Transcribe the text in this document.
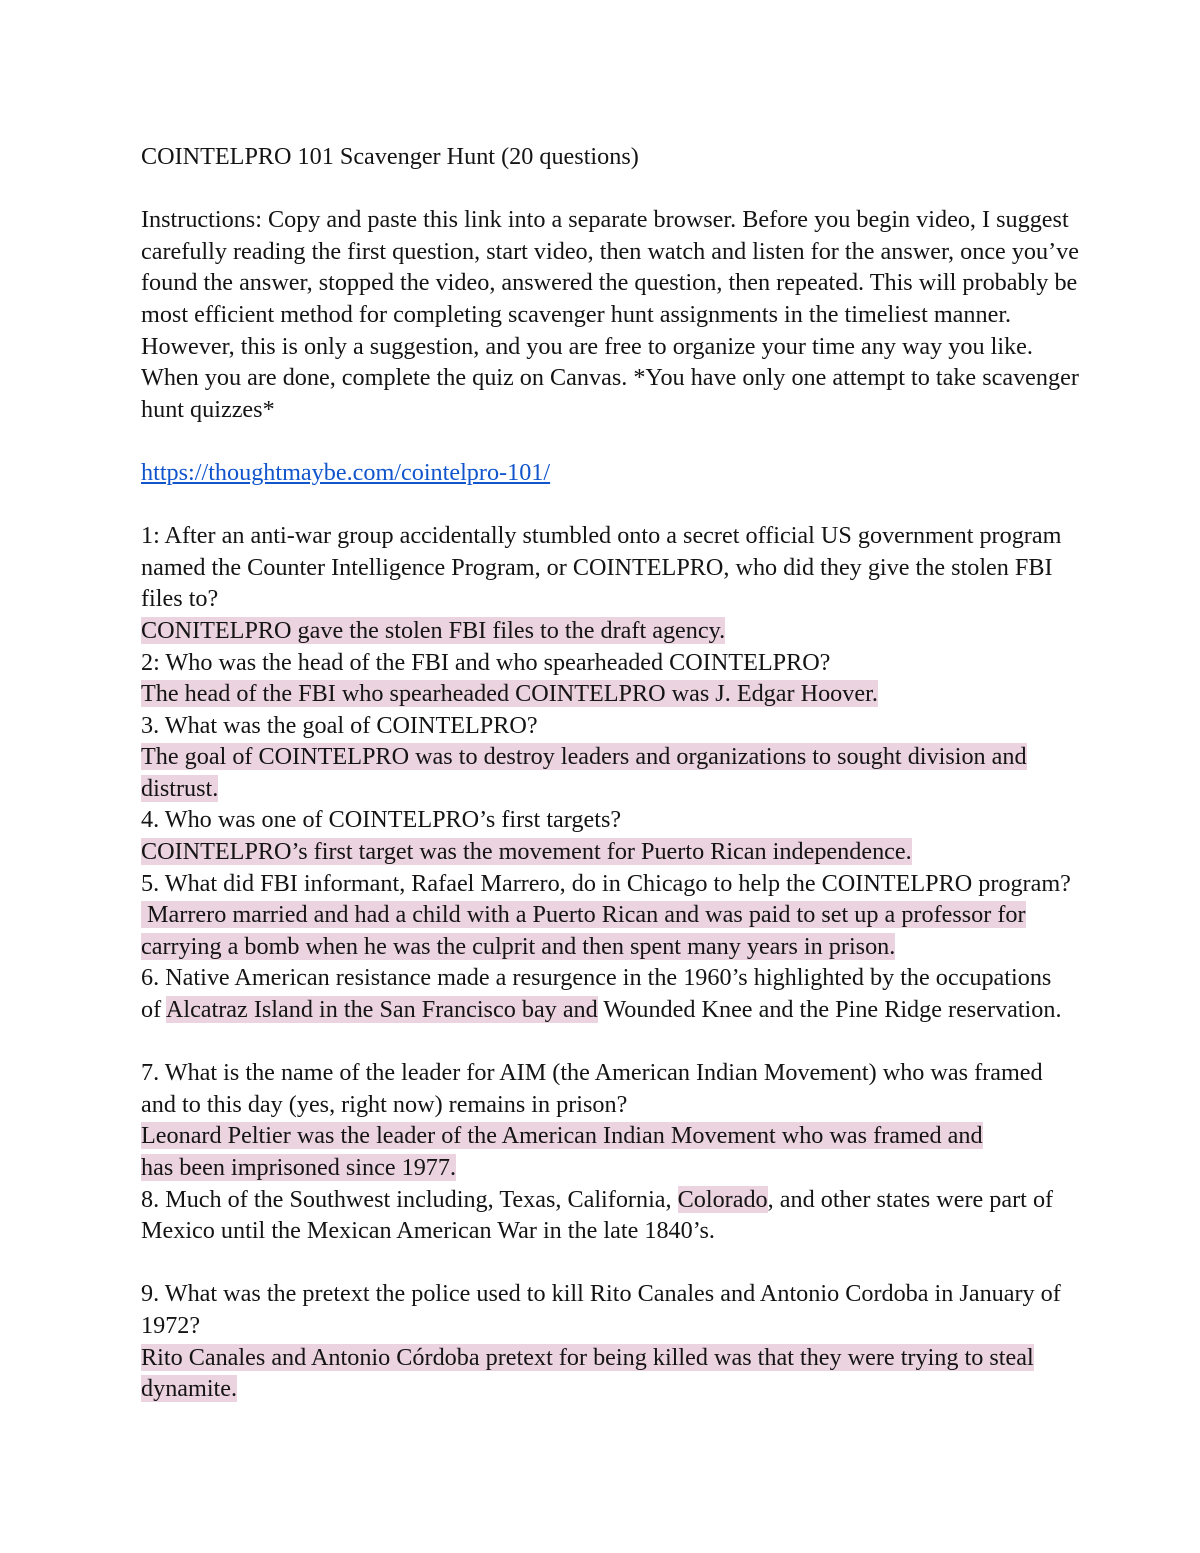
COINTELPRO 101 Scavenger Hunt (20 questions)
Instructions: Copy and paste this link into a separate browser. Before you begin video, I suggest
carefully reading the first question, start video, then watch and listen for the answer, once you’ve
found the answer, stopped the video, answered the question, then repeated. This will probably be
most efficient method for completing scavenger hunt assignments in the timeliest manner.
However, this is only a suggestion, and you are free to organize your time any way you like.
When you are done, complete the quiz on Canvas. *You have only one attempt to take scavenger
hunt quizzes*
https://thoughtmaybe.com/cointelpro-101/
1: After an anti-war group accidentally stumbled onto a secret official US government program
named the Counter Intelligence Program, or COINTELPRO, who did they give the stolen FBI
files to?
CONITELPRO gave the stolen FBI files to the draft agency.
2: Who was the head of the FBI and who spearheaded COINTELPRO?
The head of the FBI who spearheaded COINTELPRO was J. Edgar Hoover.
3. What was the goal of COINTELPRO?
The goal of COINTELPRO was to destroy leaders and organizations to sought division and
distrust.
4. Who was one of COINTELPRO’s first targets?
COINTELPRO’s first target was the movement for Puerto Rican independence.
5. What did FBI informant, Rafael Marrero, do in Chicago to help the COINTELPRO program?
Marrero married and had a child with a Puerto Rican and was paid to set up a professor for
carrying a bomb when he was the culprit and then spent many years in prison.
6. Native American resistance made a resurgence in the 1960’s highlighted by the occupations
of Alcatraz Island in the San Francisco bay and Wounded Knee and the Pine Ridge reservation.
7. What is the name of the leader for AIM (the American Indian Movement) who was framed
and to this day (yes, right now) remains in prison?
Leonard Peltier was the leader of the American Indian Movement who was framed and
has been imprisoned since 1977.
8. Much of the Southwest including, Texas, California, Colorado, and other states were part of
Mexico until the Mexican American War in the late 1840’s.
9. What was the pretext the police used to kill Rito Canales and Antonio Cordoba in January of
1972?
Rito Canales and Antonio Córdoba pretext for being killed was that they were trying to steal
dynamite.
